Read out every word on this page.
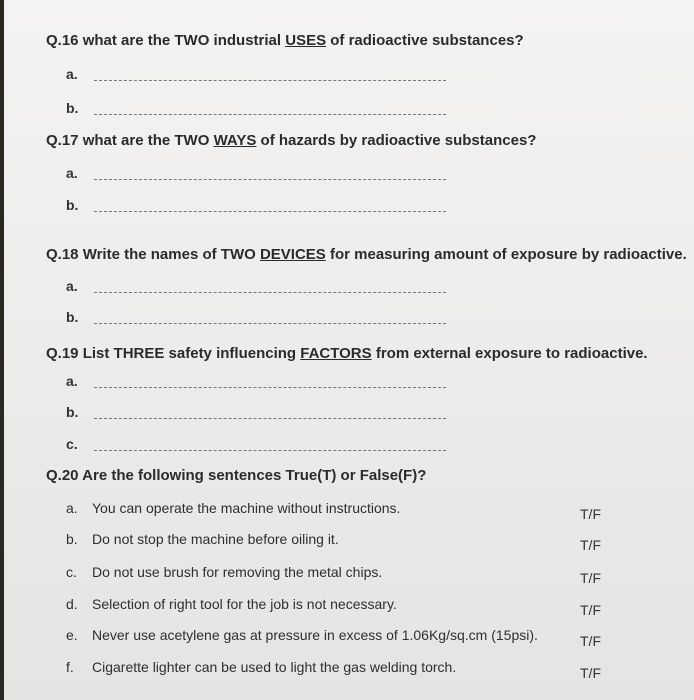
Q.16 what are the TWO industrial USES of radioactive substances?
a.
b.
Q.17 what are the TWO WAYS of hazards by radioactive substances?
a.
b.
Q.18 Write the names of TWO DEVICES for measuring amount of exposure by radioactive.
a.
b.
Q.19 List THREE safety influencing FACTORS from external exposure to radioactive.
a.
b.
c.
Q.20 Are the following sentences True(T) or False(F)?
a. You can operate the machine without instructions.	T/F
b. Do not stop the machine before oiling it.	T/F
c. Do not use brush for removing the metal chips.	T/F
d. Selection of right tool for the job is not necessary.	T/F
e. Never use acetylene gas at pressure in excess of 1.06Kg/sq.cm (15psi).	T/F
f. Cigarette lighter can be used to light the gas welding torch.	T/F
